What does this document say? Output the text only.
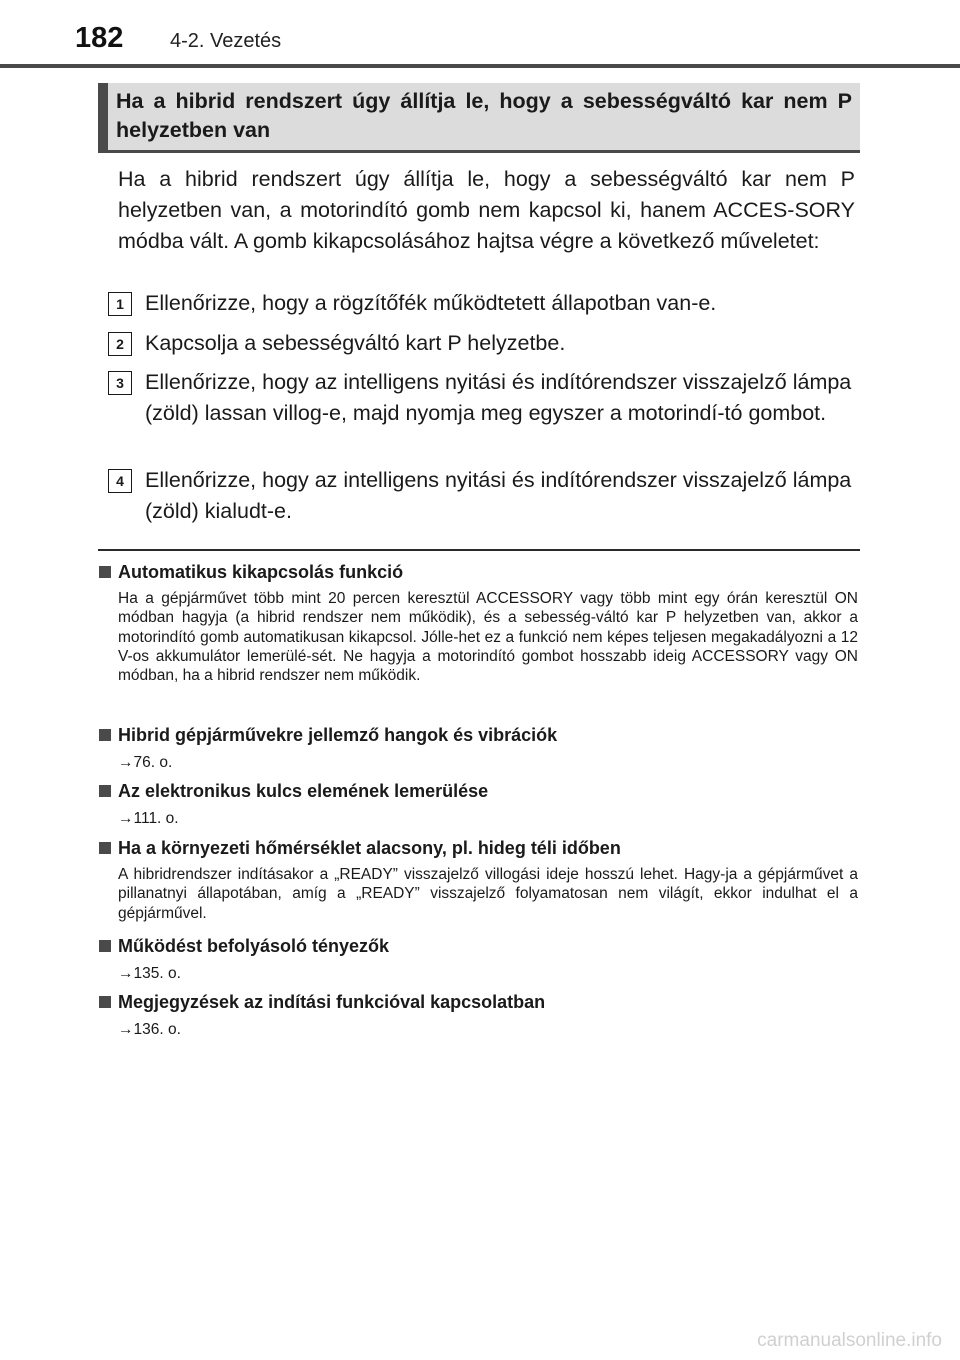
182 4-2. Vezetés
Ha a hibrid rendszert úgy állítja le, hogy a sebességváltó kar nem P helyzetben van
Ha a hibrid rendszert úgy állítja le, hogy a sebességváltó kar nem P helyzetben van, a motorindító gomb nem kapcsol ki, hanem ACCES-SORY módba vált. A gomb kikapcsolásához hajtsa végre a következő műveletet:
1 Ellenőrizze, hogy a rögzítőfék működtetett állapotban van-e.
2 Kapcsolja a sebességváltó kart P helyzetbe.
3 Ellenőrizze, hogy az intelligens nyitási és indítórendszer visszajelző lámpa (zöld) lassan villog-e, majd nyomja meg egyszer a motorindí-tó gombot.
4 Ellenőrizze, hogy az intelligens nyitási és indítórendszer visszajelző lámpa (zöld) kialudt-e.
Automatikus kikapcsolás funkció
Ha a gépjárművet több mint 20 percen keresztül ACCESSORY vagy több mint egy órán keresztül ON módban hagyja (a hibrid rendszer nem működik), és a sebesség-váltó kar P helyzetben van, akkor a motorindító gomb automatikusan kikapcsol. Jólle-het ez a funkció nem képes teljesen megakadályozni a 12 V-os akkumulátor lemerülé-sét. Ne hagyja a motorindító gombot hosszabb ideig ACCESSORY vagy ON módban, ha a hibrid rendszer nem működik.
Hibrid gépjárművekre jellemző hangok és vibrációk
→76. o.
Az elektronikus kulcs elemének lemerülése
→111. o.
Ha a környezeti hőmérséklet alacsony, pl. hideg téli időben
A hibridrendszer indításakor a „READY” visszajelző villogási ideje hosszú lehet. Hagy-ja a gépjárművet a pillanatnyi állapotában, amíg a „READY” visszajelző folyamatosan nem világít, ekkor indulhat el a gépjárművel.
Működést befolyásoló tényezők
→135. o.
Megjegyzések az indítási funkcióval kapcsolatban
→136. o.
carmanualsonline.info
